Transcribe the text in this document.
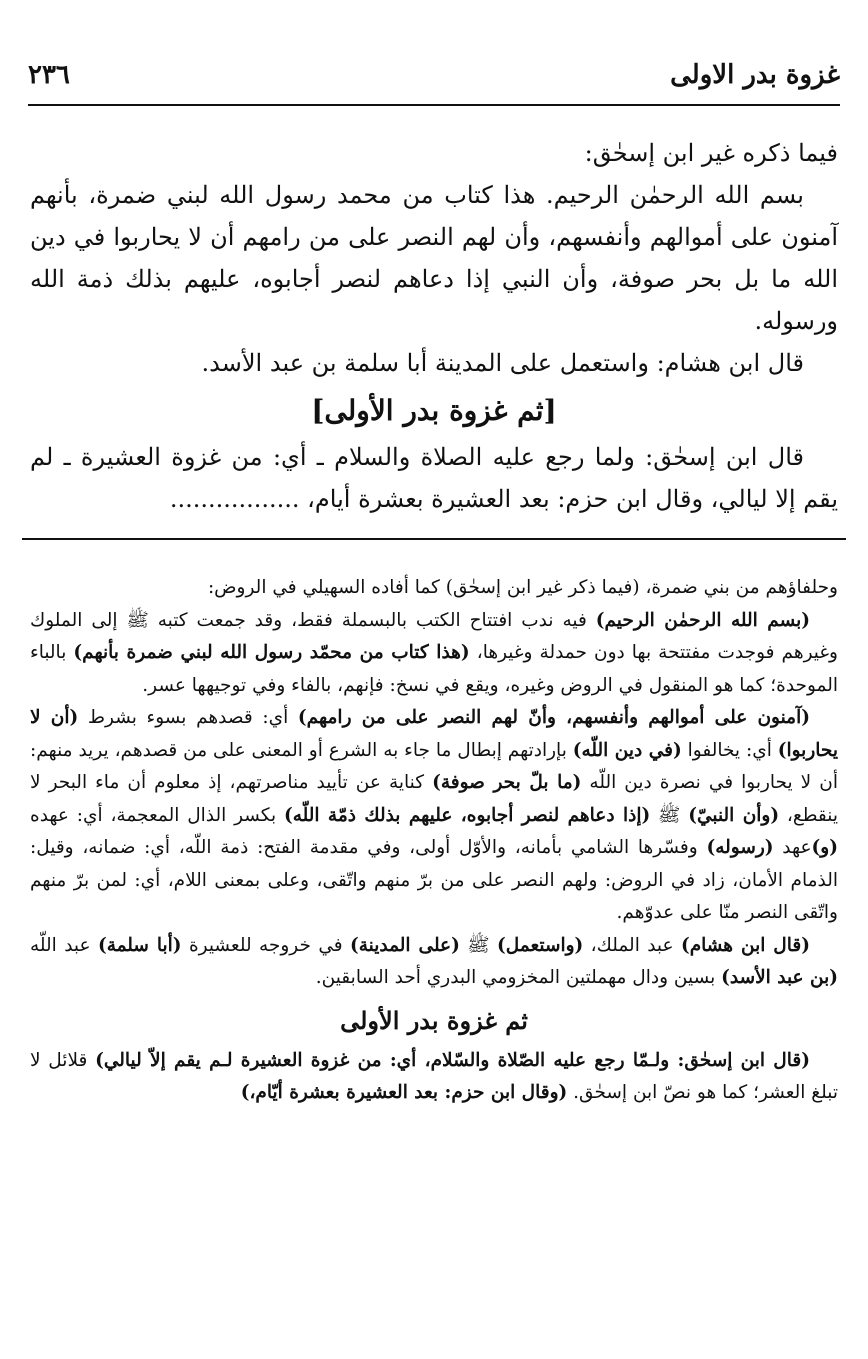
غزوة بدر الاولى
٢٣٦

فيما ذكره غير ابن إسحٰق:

بسم الله الرحمٰن الرحيم. هذا كتاب من محمد رسول الله لبني ضمرة، بأنهم آمنون على أموالهم وأنفسهم، وأن لهم النصر على من رامهم أن لا يحاربوا في دين الله ما بل بحر صوفة، وأن النبي إذا دعاهم لنصر أجابوه، عليهم بذلك ذمة الله ورسوله.

قال ابن هشام: واستعمل على المدينة أبا سلمة بن عبد الأسد.

[ثم غزوة بدر الأولى]

قال ابن إسحٰق: ولما رجع عليه الصلاة والسلام ـ أي: من غزوة العشيرة ـ لم يقم إلا ليالي، وقال ابن حزم: بعد العشيرة بعشرة أيام، .................

وحلفاؤهم من بني ضمرة، (فيما ذكر غير ابن إسحٰق) كما أفاده السهيلي في الروض:

(بسم الله الرحمٰن الرحيم) فيه ندب افتتاح الكتب بالبسملة فقط، وقد جمعت كتبه ﷺ إلى الملوك وغيرهم فوجدت مفتتحة بها دون حمدلة وغيرها، (هذا كتاب من محمّد رسول الله لبني ضمرة بأنهم) بالباء الموحدة؛ كما هو المنقول في الروض وغيره، ويقع في نسخ: فإنهم، بالفاء وفي توجيهها عسر.

(آمنون على أموالهم وأنفسهم، وأنّ لهم النصر على من رامهم) أي: قصدهم بسوء بشرط (أن لا يحاربوا) أي: يخالفوا (في دين اللّه) بإرادتهم إبطال ما جاء به الشرع أو المعنى على من قصدهم، يريد منهم: أن لا يحاربوا في نصرة دين اللّه (ما بلّ بحر صوفة) كناية عن تأييد مناصرتهم، إذ معلوم أن ماء البحر لا ينقطع، (وأن النبيّ) ﷺ (إذا دعاهم لنصر أجابوه، عليهم بذلك ذمّة اللّه) بكسر الذال المعجمة، أي: عهده (و)عهد (رسوله) وفسّرها الشامي بأمانه، والأوّل أولى، وفي مقدمة الفتح: ذمة اللّه، أي: ضمانه، وقيل: الذمام الأمان، زاد في الروض: ولهم النصر على من برّ منهم واتّقى، وعلى بمعنى اللام، أي: لمن برّ منهم واتّقى النصر منّا على عدوّهم.

(قال ابن هشام) عبد الملك، (واستعمل) ﷺ (على المدينة) في خروجه للعشيرة (أبا سلمة) عبد اللّه (بن عبد الأسد) بسين ودال مهملتين المخزومي البدري أحد السابقين.

ثم غزوة بدر الأولى

(قال ابن إسحٰق: ولـمّا رجع عليه الصّلاة والسّلام، أي: من غزوة العشيرة لـم يقم إلاّ ليالي) قلائل لا تبلغ العشر؛ كما هو نصّ ابن إسحٰق. (وقال ابن حزم: بعد العشيرة بعشرة أيّام،)
